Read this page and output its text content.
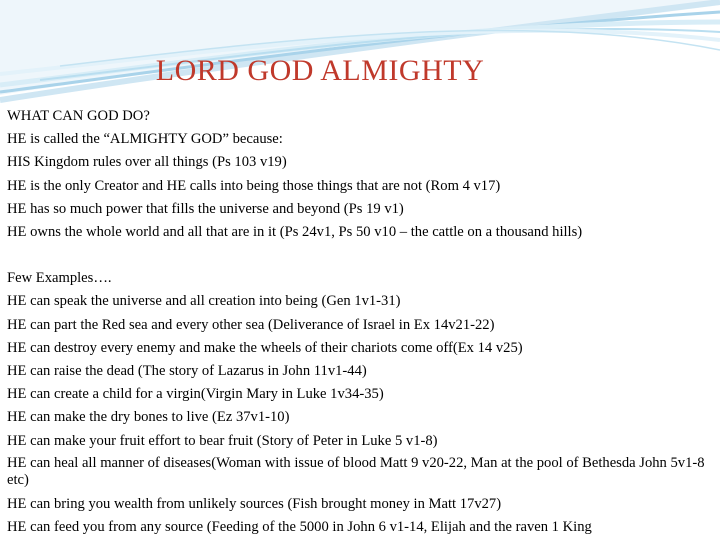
LORD GOD ALMIGHTY
WHAT CAN GOD DO?
HE is called the “ALMIGHTY GOD” because:
HIS Kingdom rules over all things (Ps 103 v19)
HE is the only Creator and HE calls into being those things that are not (Rom 4 v17)
HE has so much power that fills the universe and beyond (Ps 19 v1)
HE owns the whole world and all that are in it (Ps 24v1, Ps 50 v10 – the cattle on a thousand hills)
Few Examples….
HE can speak the universe and all creation into being (Gen 1v1-31)
HE can part the Red sea and every other sea (Deliverance of Israel in Ex 14v21-22)
HE can destroy every enemy and make the wheels of their chariots come off(Ex 14 v25)
HE can raise the dead (The story of Lazarus in John 11v1-44)
HE can create a child for a virgin(Virgin Mary in Luke 1v34-35)
HE can make the dry bones to live (Ez 37v1-10)
HE can make your fruit effort to bear fruit (Story of Peter in Luke 5 v1-8)
HE can heal all manner of diseases(Woman with issue of blood Matt 9 v20-22, Man at the pool of Bethesda John 5v1-8 etc)
HE can bring you wealth from unlikely sources (Fish brought money in Matt 17v27)
HE can feed you from any source (Feeding of the 5000 in John 6 v1-14, Elijah and the raven 1 King
